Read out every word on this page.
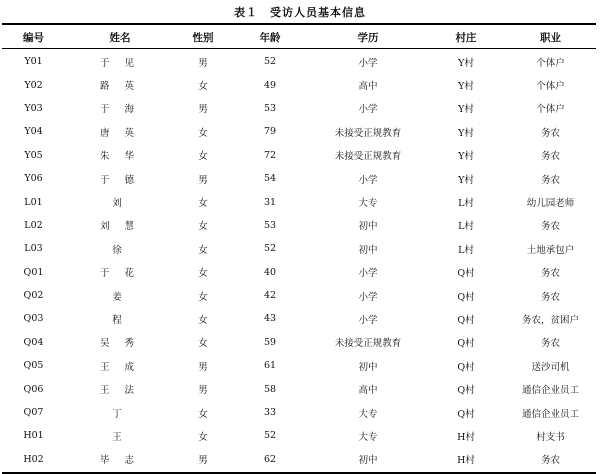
表１　受访人员基本信息
编号	姓名	性别	年龄	学历	村庄	职业
Y01	于 见	男	52	小学	Y村	个体户
Y02	路 英	女	49	高中	Y村	个体户
Y03	于 海	男	53	小学	Y村	个体户
Y04	唐 英	女	79	未接受正规教育	Y村	务农
Y05	朱 华	女	72	未接受正规教育	Y村	务农
Y06	于 德	男	54	小学	Y村	务农
L01	刘	女	31	大专	L村	幼儿园老师
L02	刘 慧	女	53	初中	L村	务农
L03	徐	女	52	初中	L村	土地承包户
Q01	于 花	女	40	小学	Q村	务农
Q02	姜	女	42	小学	Q村	务农
Q03	程	女	43	小学	Q村	务农，贫困户
Q04	吴 秀	女	59	未接受正规教育	Q村	务农
Q05	王 成	男	61	初中	Q村	送沙司机
Q06	王 法	男	58	高中	Q村	通信企业员工
Q07	丁	女	33	大专	Q村	通信企业员工
H01	王	女	52	大专	H村	村支书
H02	毕 志	男	62	初中	H村	务农
